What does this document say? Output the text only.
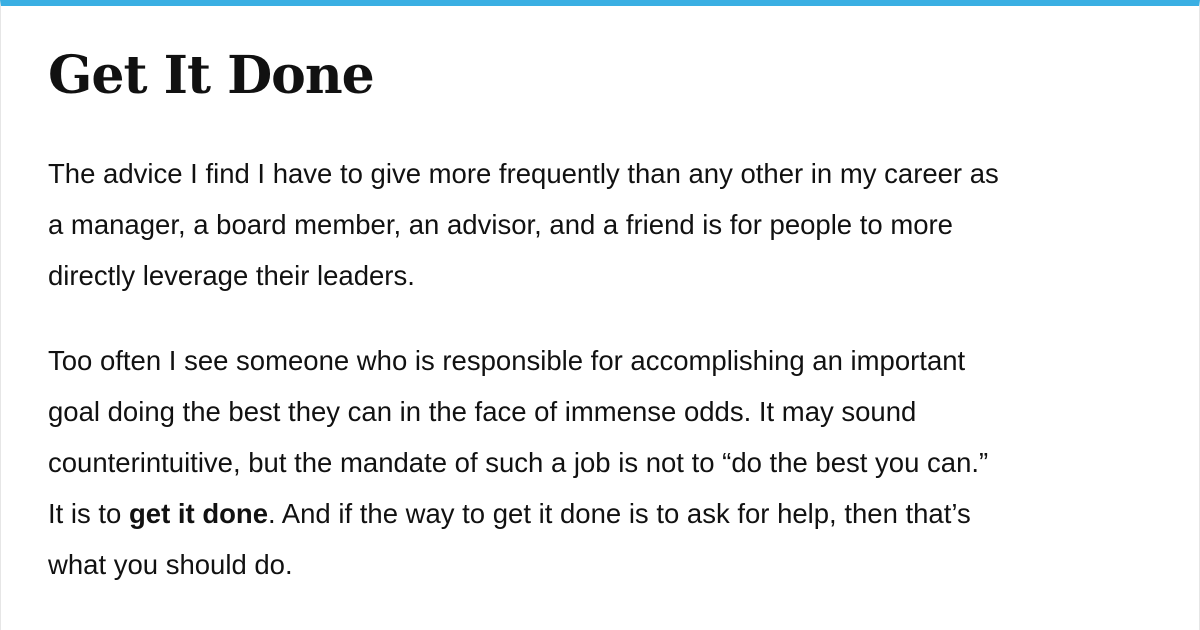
Get It Done

The advice I find I have to give more frequently than any other in my career as
a manager, a board member, an advisor, and a friend is for people to more
directly leverage their leaders.

Too often I see someone who is responsible for accomplishing an important
goal doing the best they can in the face of immense odds. It may sound
counterintuitive, but the mandate of such a job is not to “do the best you can.”
It is to get it done. And if the way to get it done is to ask for help, then that’s
what you should do.
